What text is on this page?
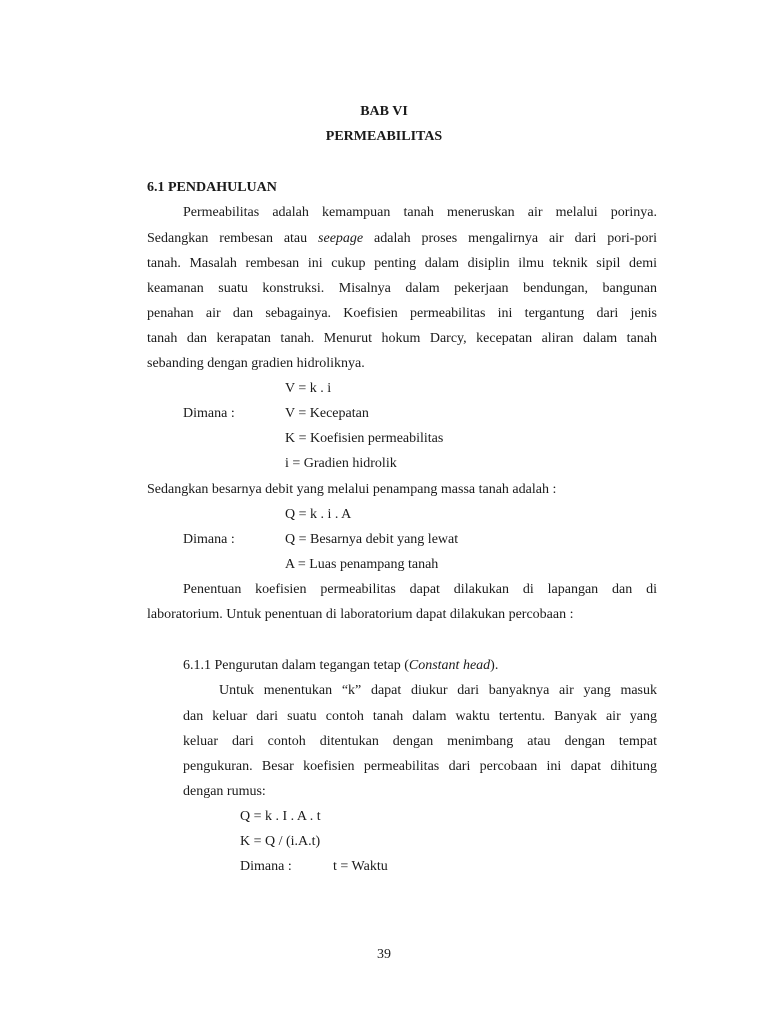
BAB VI
PERMEABILITAS
6.1 PENDAHULUAN
Permeabilitas adalah kemampuan tanah meneruskan air melalui porinya.
Sedangkan rembesan atau seepage adalah proses mengalirnya air dari pori-pori
tanah. Masalah rembesan ini cukup penting dalam disiplin ilmu teknik sipil demi
keamanan suatu konstruksi. Misalnya dalam pekerjaan bendungan, bangunan
penahan air dan sebagainya. Koefisien permeabilitas ini tergantung dari jenis
tanah dan kerapatan tanah. Menurut hokum Darcy, kecepatan aliran dalam tanah
sebanding dengan gradien hidroliknya.
V = k . i
Dimana :	V = Kecepatan
K = Koefisien permeabilitas
i = Gradien hidrolik
Sedangkan besarnya debit yang melalui penampang massa tanah adalah :
Q = k . i . A
Dimana :	Q = Besarnya debit yang lewat
A = Luas penampang tanah
Penentuan koefisien permeabilitas dapat dilakukan di lapangan dan di
laboratorium. Untuk penentuan di laboratorium dapat dilakukan percobaan :
6.1.1 Pengurutan dalam tegangan tetap (Constant head).
Untuk menentukan “k” dapat diukur dari banyaknya air yang masuk
dan keluar dari suatu contoh tanah dalam waktu tertentu. Banyak air yang
keluar dari contoh ditentukan dengan menimbang atau dengan tempat
pengukuran. Besar koefisien permeabilitas dari percobaan ini dapat dihitung
dengan rumus:
Q = k . I . A . t
K = Q / (i.A.t)
Dimana :	t = Waktu
39
